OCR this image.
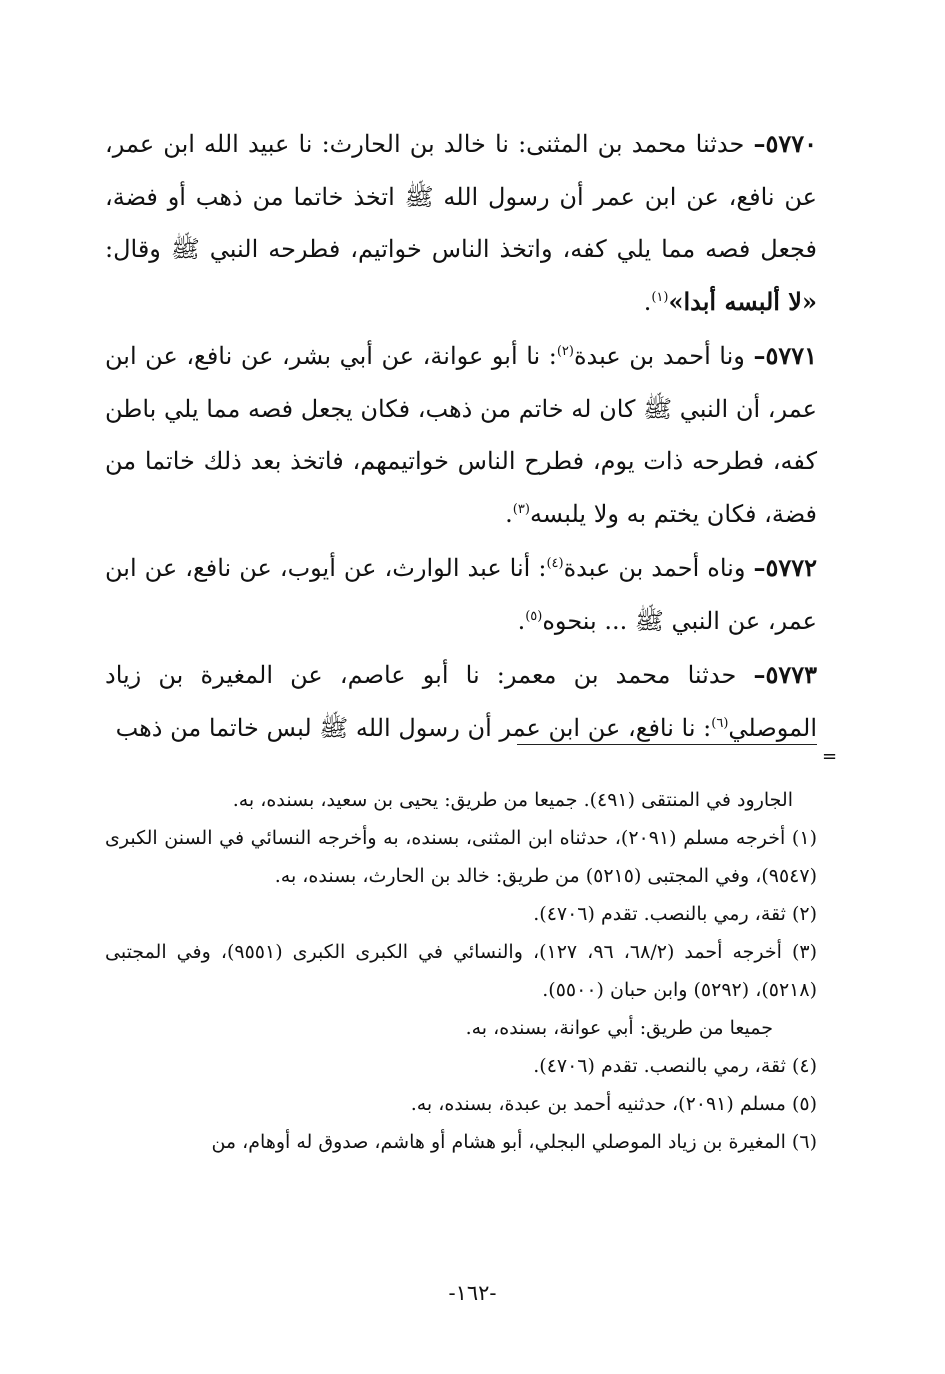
٥٧٧٠– حدثنا محمد بن المثنى: نا خالد بن الحارث: نا عبيد الله ابن عمر، عن نافع، عن ابن عمر أن رسول الله ﷺ اتخذ خاتما من ذهب أو فضة، فجعل فصه مما يلي كفه، واتخذ الناس خواتيم، فطرحه النبي ﷺ وقال: «لا ألبسه أبدا»$^{(١)}$.

٥٧٧١– ونا أحمد بن عبدة$^{(٢)}$: نا أبو عوانة، عن أبي بشر، عن نافع، عن ابن عمر، أن النبي ﷺ كان له خاتم من ذهب، فكان يجعل فصه مما يلي باطن كفه، فطرحه ذات يوم، فطرح الناس خواتيمهم، فاتخذ بعد ذلك خاتما من فضة، فكان يختم به ولا يلبسه$^{(٣)}$.

٥٧٧٢– وناه أحمد بن عبدة$^{(٤)}$: أنا عبد الوارث، عن أيوب، عن نافع، عن ابن عمر، عن النبي ﷺ ... بنحوه$^{(٥)}$.

٥٧٧٣– حدثنا محمد بن معمر: نا أبو عاصم، عن المغيرة بن زياد الموصلي$^{(٦)}$: نا نافع، عن ابن عمر أن رسول الله ﷺ لبس خاتما من ذهب

=

الجارود في المنتقى (٤٩١). جميعا من طريق: يحيى بن سعيد، بسنده، به.

(١) أخرجه مسلم (٢٠٩١)، حدثناه ابن المثنى، بسنده، به وأخرجه النسائي في السنن الكبرى (٩٥٤٧)، وفي المجتبى (٥٢١٥) من طريق: خالد بن الحارث، بسنده، به.

(٢) ثقة، رمي بالنصب. تقدم (٤٧٠٦).

(٣) أخرجه أحمد (٦٨/٢، ٩٦، ١٢٧)، والنسائي في الكبرى الكبرى (٩٥٥١)، وفي المجتبى (٥٢١٨)، (٥٢٩٢) وابن حبان (٥٥٠٠).

جميعا من طريق: أبي عوانة، بسنده، به.

(٤) ثقة، رمي بالنصب. تقدم (٤٧٠٦).

(٥) مسلم (٢٠٩١)، حدثنيه أحمد بن عبدة، بسنده، به.

(٦) المغيرة بن زياد الموصلي البجلي، أبو هشام أو هاشم، صدوق له أوهام، من

-١٦٢-
